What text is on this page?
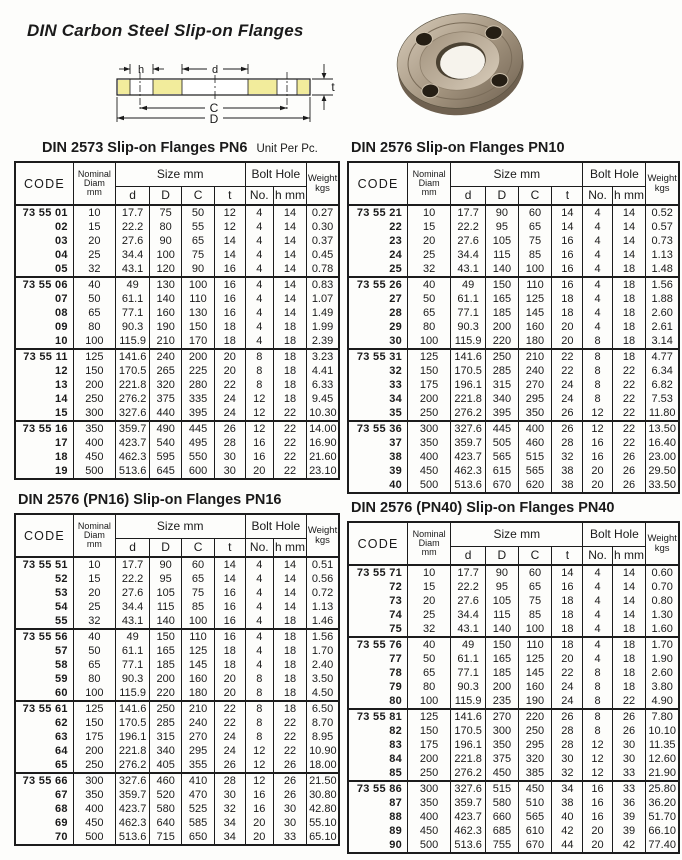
DIN Carbon Steel Slip-on Flanges
h	d
t
C
D
DIN 2573 Slip-on Flanges PN6 Unit Per Pc.
CODE	
Nominal
Diam
mm
	Size mm	Bolt Hole	Weight
kgs

		d	D	C	t	No.	h mm	
73 55 01	10	17.7	75	50	12	4	14	0.27
02	15	22.2	80	55	12	4	14	0.30
03	20	27.6	90	65	14	4	14	0.37
04	25	34.4	100	75	14	4	14	0.45
05	32	43.1	120	90	16	4	14	0.78
73 55 06	40	49	130	100	16	4	14	0.83
07	50	61.1	140	110	16	4	14	1.07
08	65	77.1	160	130	16	4	14	1.49
09	80	90.3	190	150	18	4	18	1.99
10	100	115.9	210	170	18	4	18	2.39
73 55 11	125	141.6	240	200	20	8	18	3.23
12	150	170.5	265	225	20	8	18	4.41
13	200	221.8	320	280	22	8	18	6.33
14	250	276.2	375	335	24	12	18	9.45
15	300	327.6	440	395	24	12	22	10.30
73 55 16	350	359.7	490	445	26	12	22	14.00
17	400	423.7	540	495	28	16	22	16.90
18	450	462.3	595	550	30	16	22	21.60
19	500	513.6	645	600	30	20	22	23.10
DIN 2576 Slip-on Flanges PN10
CODE	
Nominal
Diam
mm
	Size mm	Bolt Hole	Weight
kgs

		d	D	C	t	No.	h mm	
73 55 21	10	17.7	90	60	14	4	14	0.52
22	15	22.2	95	65	14	4	14	0.57
23	20	27.6	105	75	16	4	14	0.73
24	25	34.4	115	85	16	4	14	1.13
25	32	43.1	140	100	16	4	18	1.48
73 55 26	40	49	150	110	16	4	18	1.56
27	50	61.1	165	125	18	4	18	1.88
28	65	77.1	185	145	18	4	18	2.60
29	80	90.3	200	160	20	4	18	2.61
30	100	115.9	220	180	20	8	18	3.14
73 55 31	125	141.6	250	210	22	8	18	4.77
32	150	170.5	285	240	22	8	22	6.34
33	175	196.1	315	270	24	8	22	6.82
34	200	221.8	340	295	24	8	22	7.53
35	250	276.2	395	350	26	12	22	11.80
73 55 36	300	327.6	445	400	26	12	22	13.50
37	350	359.7	505	460	28	16	22	16.40
38	400	423.7	565	515	32	16	26	23.00
39	450	462.3	615	565	38	20	26	29.50
40	500	513.6	670	620	38	20	26	33.50
DIN 2576 (PN16) Slip-on Flanges PN16
CODE	
Nominal
Diam
mm
	Size mm	Bolt Hole	Weight
kgs

		d	D	C	t	No.	h mm	
73 55 51	10	17.7	90	60	14	4	14	0.51
52	15	22.2	95	65	14	4	14	0.56
53	20	27.6	105	75	16	4	14	0.72
54	25	34.4	115	85	16	4	14	1.13
55	32	43.1	140	100	16	4	18	1.46
73 55 56	40	49	150	110	16	4	18	1.56
57	50	61.1	165	125	18	4	18	1.70
58	65	77.1	185	145	18	4	18	2.40
59	80	90.3	200	160	20	8	18	3.50
60	100	115.9	220	180	20	8	18	4.50
73 55 61	125	141.6	250	210	22	8	18	6.50
62	150	170.5	285	240	22	8	22	8.70
63	175	196.1	315	270	24	8	22	8.95
64	200	221.8	340	295	24	12	22	10.90
65	250	276.2	405	355	26	12	26	18.00
73 55 66	300	327.6	460	410	28	12	26	21.50
67	350	359.7	520	470	30	16	26	30.80
68	400	423.7	580	525	32	16	30	42.80
69	450	462.3	640	585	34	20	30	55.10
70	500	513.6	715	650	34	20	33	65.10
DIN 2576 (PN40) Slip-on Flanges PN40
CODE	
Nominal
Diam
mm
	Size mm	Bolt Hole	Weight
kgs

		d	D	C	t	No.	h mm	
73 55 71	10	17.7	90	60	14	4	14	0.60
72	15	22.2	95	65	16	4	14	0.70
73	20	27.6	105	75	18	4	14	0.80
74	25	34.4	115	85	18	4	14	1.30
75	32	43.1	140	100	18	4	18	1.60
73 55 76	40	49	150	110	18	4	18	1.70
77	50	61.1	165	125	20	4	18	1.90
78	65	77.1	185	145	22	8	18	2.60
79	80	90.3	200	160	24	8	18	3.80
80	100	115.9	235	190	24	8	22	4.90
73 55 81	125	141.6	270	220	26	8	26	7.80
82	150	170.5	300	250	28	8	26	10.10
83	175	196.1	350	295	28	12	30	11.35
84	200	221.8	375	320	30	12	30	12.60
85	250	276.2	450	385	32	12	33	21.90
73 55 86	300	327.6	515	450	34	16	33	25.80
87	350	359.7	580	510	38	16	36	36.20
88	400	423.7	660	565	40	16	39	51.70
89	450	462.3	685	610	42	20	39	66.10
90	500	513.6	755	670	44	20	42	77.40
